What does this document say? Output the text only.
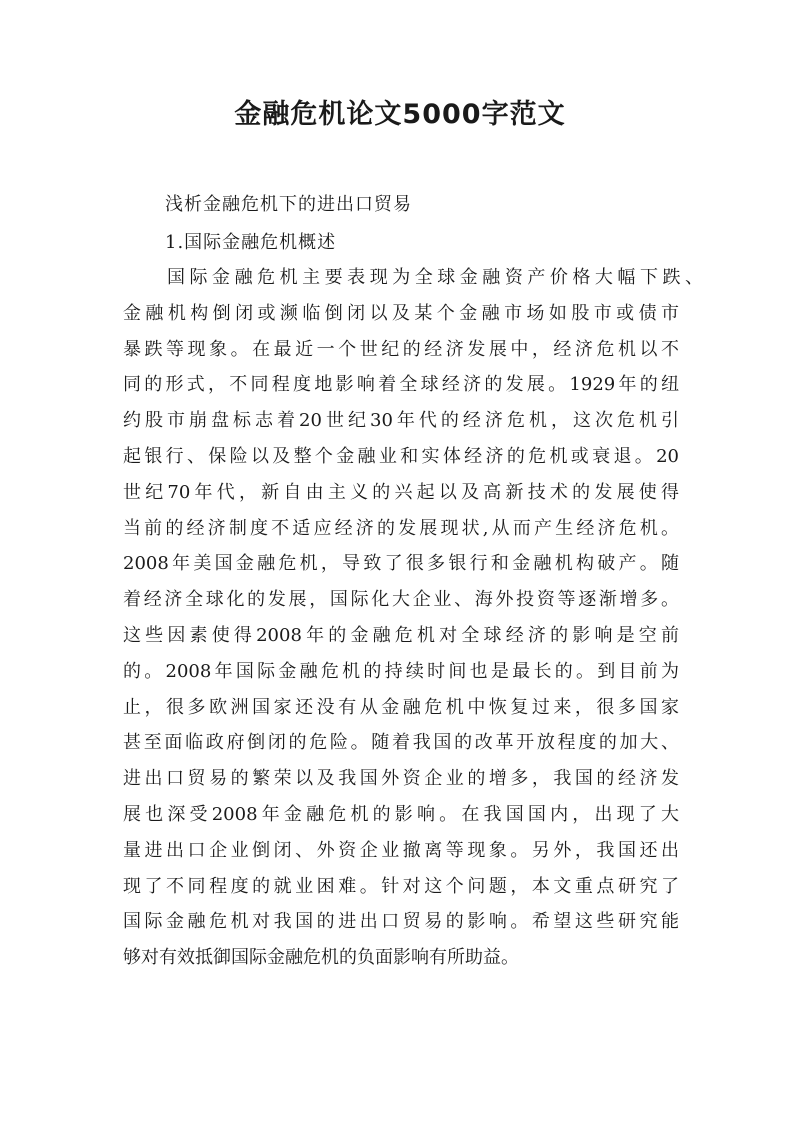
金融危机论文5000字范文
浅析金融危机下的进出口贸易
1.国际金融危机概述
国际金融危机主要表现为全球金融资产价格大幅下跌、
金融机构倒闭或濒临倒闭以及某个金融市场如股市或债市
暴跌等现象。在最近一个世纪的经济发展中，经济危机以不
同的形式，不同程度地影响着全球经济的发展。1929年的纽
约股市崩盘标志着20世纪30年代的经济危机，这次危机引
起银行、保险以及整个金融业和实体经济的危机或衰退。20
世纪70年代，新自由主义的兴起以及高新技术的发展使得
当前的经济制度不适应经济的发展现状,从而产生经济危机。
2008年美国金融危机，导致了很多银行和金融机构破产。随
着经济全球化的发展，国际化大企业、海外投资等逐渐增多。
这些因素使得2008年的金融危机对全球经济的影响是空前
的。2008年国际金融危机的持续时间也是最长的。到目前为
止，很多欧洲国家还没有从金融危机中恢复过来，很多国家
甚至面临政府倒闭的危险。随着我国的改革开放程度的加大、
进出口贸易的繁荣以及我国外资企业的增多，我国的经济发
展也深受2008年金融危机的影响。在我国国内，出现了大
量进出口企业倒闭、外资企业撤离等现象。另外，我国还出
现了不同程度的就业困难。针对这个问题，本文重点研究了
国际金融危机对我国的进出口贸易的影响。希望这些研究能
够对有效抵御国际金融危机的负面影响有所助益。
